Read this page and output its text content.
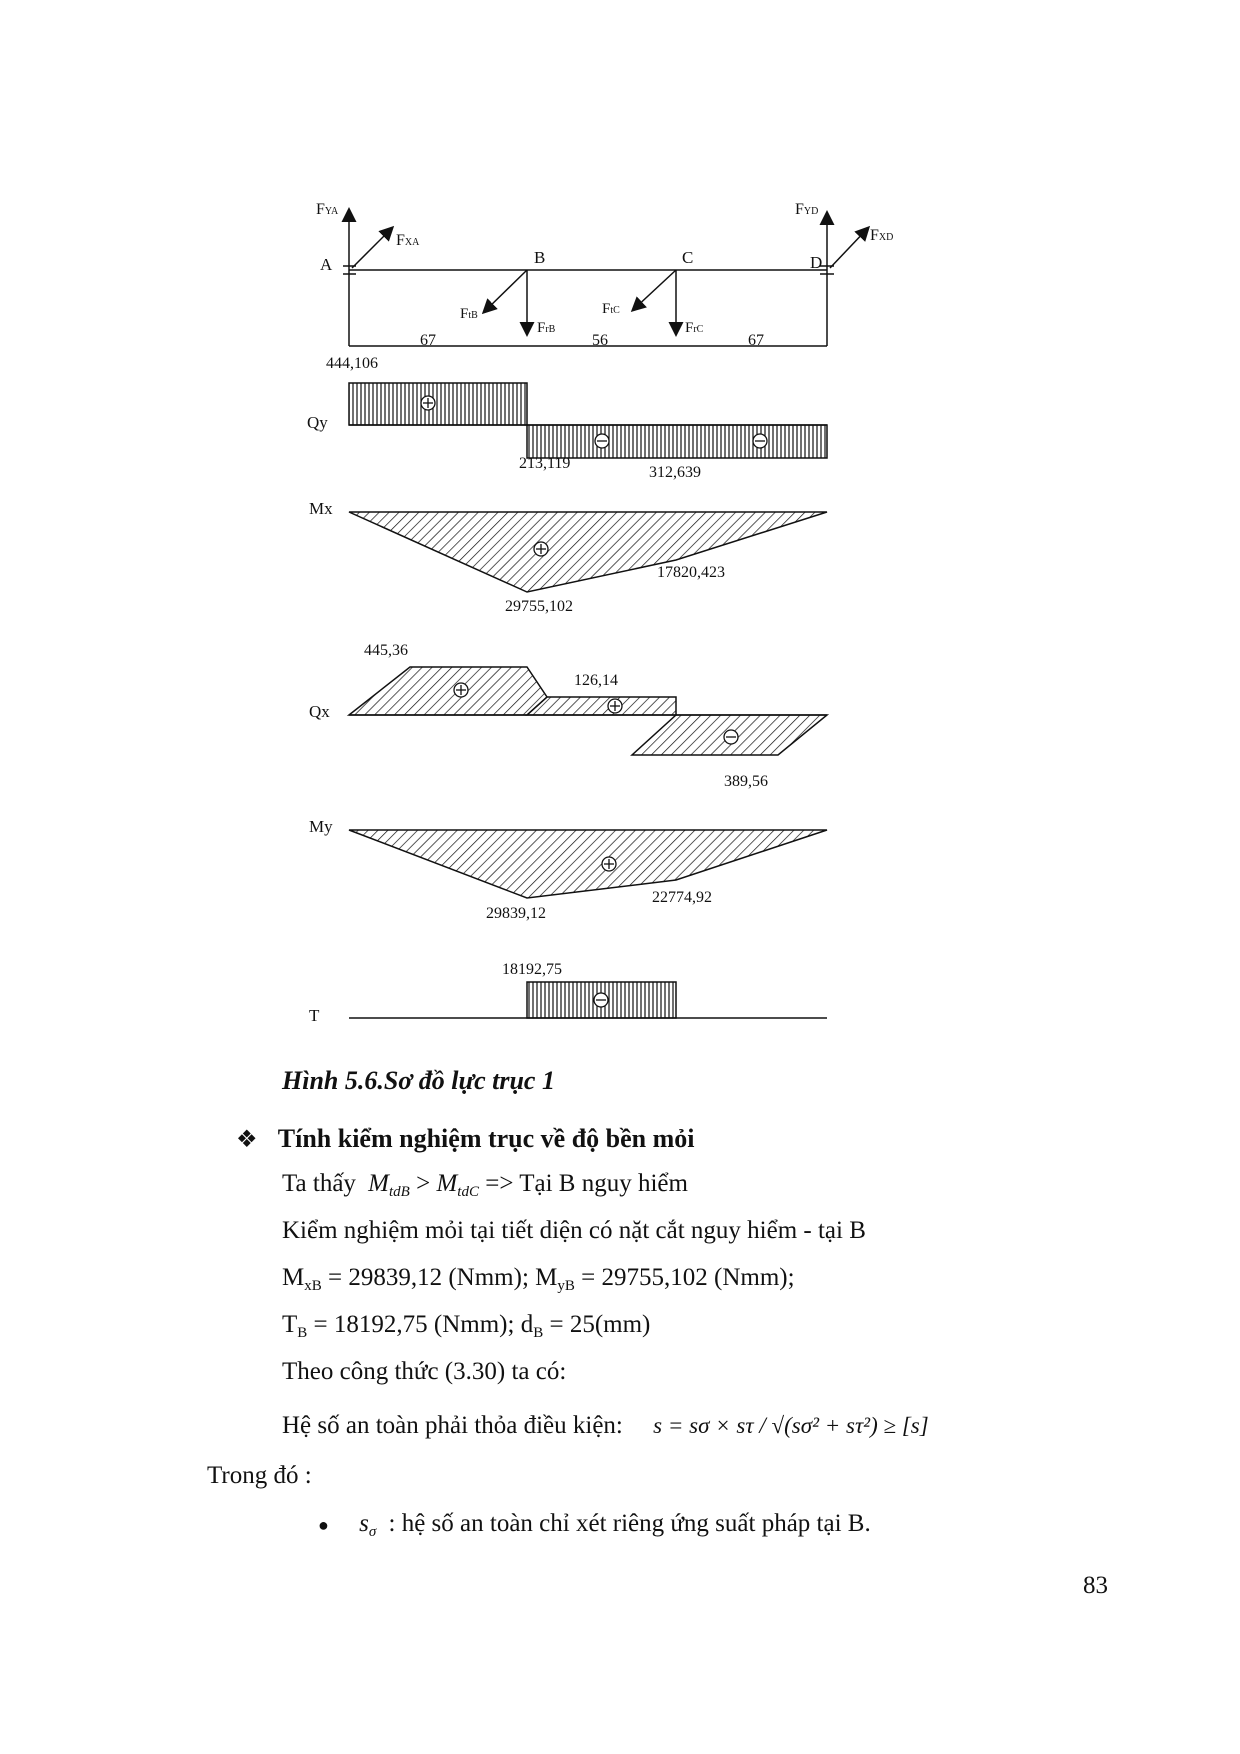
FYA
FXA
FYD
FXD
FtB
FrB
FtC
FrC
A	B	C	D
67	56	67
Qy
444,106
213,119
312,639
Mx
29755,102
17820,423
445,36
Qx
126,14
389,56
My
29839,12
22774,92
18192,75
T
Hình 5.6.Sơ đồ lực trục 1
❖ Tính kiểm nghiệm trục về độ bền mỏi
Ta thấy $M_{tdB} > M_{tdC}$ => Tại B nguy hiểm
Kiểm nghiệm mỏi tại tiết diện có nặt cắt nguy hiểm - tại B
$M_{xB} = 29839,12$ (Nmm); $M_{yB} = 29755,102$ (Nmm);
$T_B = 18192,75$ (Nmm); $d_B = 25(mm)$
Theo công thức (3.30) ta có:
Hệ số an toàn phải thỏa điều kiện: s = sσ × sτ / √(sσ² + sτ²) ≥ [s]
Trong đó :
● $s_\sigma$ : hệ số an toàn chỉ xét riêng ứng suất pháp tại B.
83
